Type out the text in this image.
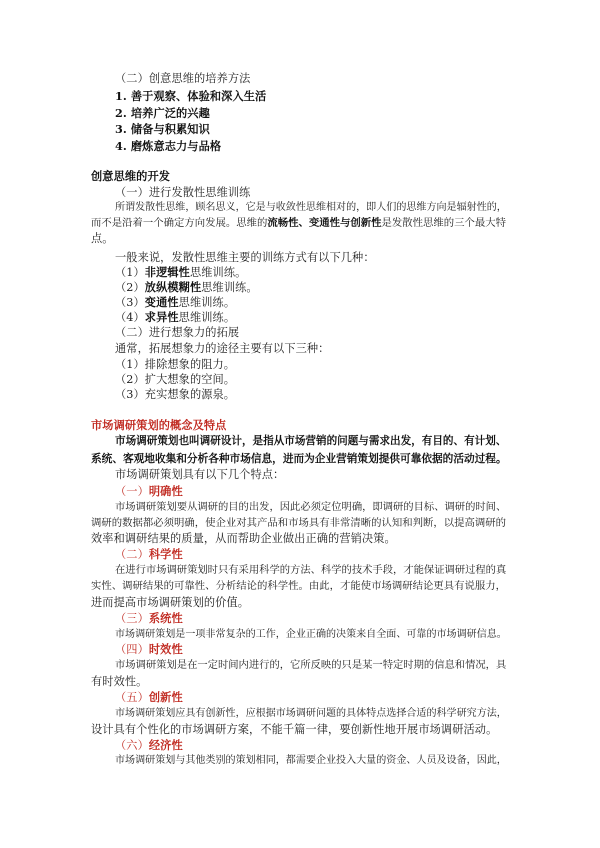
（二）创意思维的培养方法
1. 善于观察、体验和深入生活
2. 培养广泛的兴趣
3. 储备与积累知识
4. 磨炼意志力与品格
创意思维的开发
（一）进行发散性思维训练
所谓发散性思维，顾名思义，它是与收敛性思维相对的，即人们的思维方向是辐射性的，
而不是沿着一个确定方向发展。思维的流畅性、变通性与创新性是发散性思维的三个最大特
点。
一般来说，发散性思维主要的训练方式有以下几种：
（1）非逻辑性思维训练。
（2）放纵模糊性思维训练。
（3）变通性思维训练。
（4）求异性思维训练。
（二）进行想象力的拓展
通常，拓展想象力的途径主要有以下三种：
（1）排除想象的阻力。
（2）扩大想象的空间。
（3）充实想象的源泉。
市场调研策划的概念及特点
市场调研策划也叫调研设计，是指从市场营销的问题与需求出发，有目的、有计划、
系统、客观地收集和分析各种市场信息，进而为企业营销策划提供可靠依据的活动过程。
市场调研策划具有以下几个特点：
（一）明确性
市场调研策划要从调研的目的出发，因此必须定位明确，即调研的目标、调研的时间、
调研的数据都必须明确，使企业对其产品和市场具有非常清晰的认知和判断，以提高调研的
效率和调研结果的质量，从而帮助企业做出正确的营销决策。
（二）科学性
在进行市场调研策划时只有采用科学的方法、科学的技术手段，才能保证调研过程的真
实性、调研结果的可靠性、分析结论的科学性。由此，才能使市场调研结论更具有说服力，
进而提高市场调研策划的价值。
（三）系统性
市场调研策划是一项非常复杂的工作，企业正确的决策来自全面、可靠的市场调研信息。
（四）时效性
市场调研策划是在一定时间内进行的，它所反映的只是某一特定时期的信息和情况，具
有时效性。
（五）创新性
市场调研策划应具有创新性，应根据市场调研问题的具体特点选择合适的科学研究方法，
设计具有个性化的市场调研方案，不能千篇一律，要创新性地开展市场调研活动。
（六）经济性
市场调研策划与其他类别的策划相同，都需要企业投入大量的资金、人员及设备，因此，
